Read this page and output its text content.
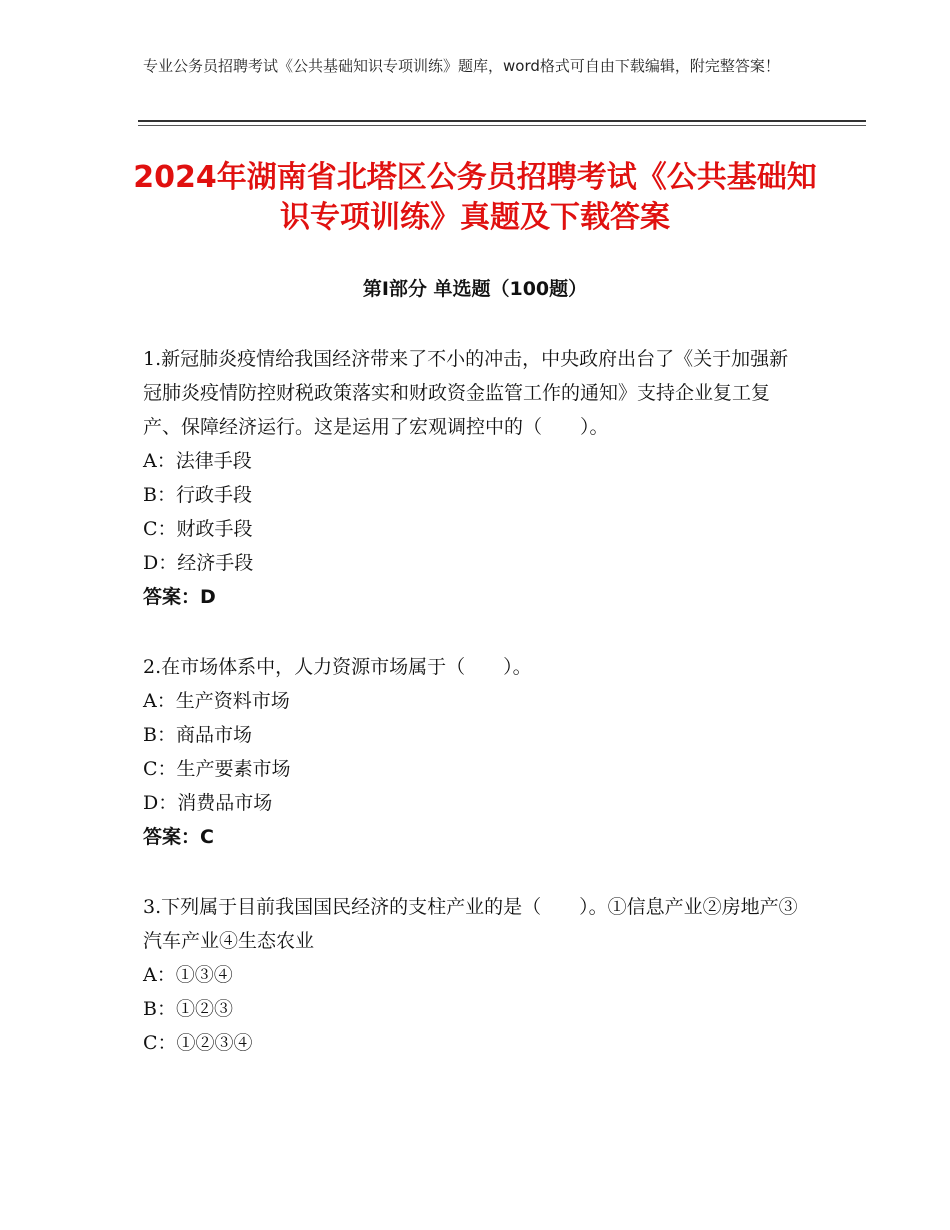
专业公务员招聘考试《公共基础知识专项训练》题库，word格式可自由下载编辑，附完整答案！
2024年湖南省北塔区公务员招聘考试《公共基础知识专项训练》真题及下载答案
第Ⅰ部分 单选题（100题）

1.新冠肺炎疫情给我国经济带来了不小的冲击，中央政府出台了《关于加强新冠肺炎疫情防控财税政策落实和财政资金监管工作的通知》支持企业复工复产、保障经济运行。这是运用了宏观调控中的（　　）。

A：法律手段
B：行政手段
C：财政手段
D：经济手段
答案：D

2.在市场体系中，人力资源市场属于（　　）。

A：生产资料市场
B：商品市场
C：生产要素市场
D：消费品市场
答案：C

3.下列属于目前我国国民经济的支柱产业的是（　　）。①信息产业②房地产③汽车产业④生态农业

A：①③④
B：①②③
C：①②③④
